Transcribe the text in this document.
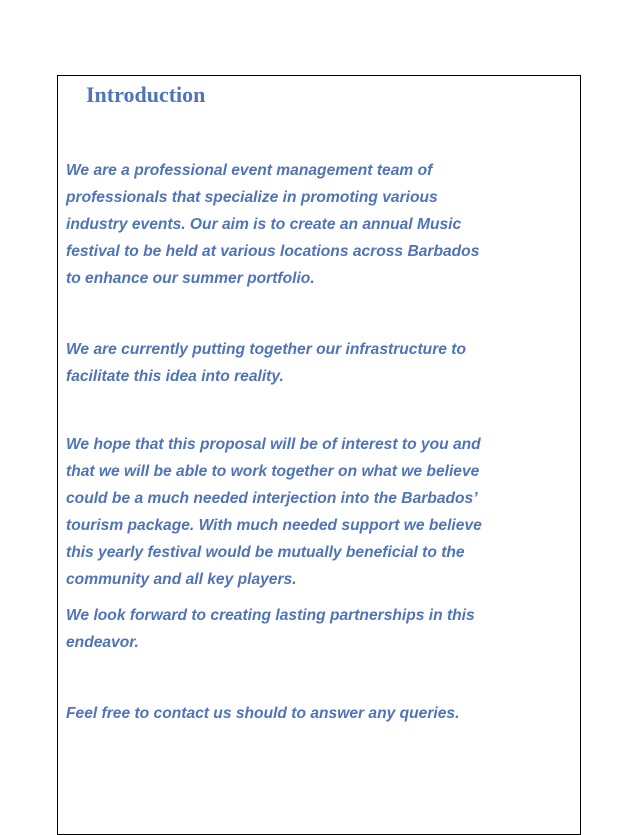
Introduction

We are a professional event management team of
professionals that specialize in promoting various
industry events. Our aim is to create an annual Music
festival to be held at various locations across Barbados
to enhance our summer portfolio.

We are currently putting together our infrastructure to
facilitate this idea into reality.

We hope that this proposal will be of interest to you and
that we will be able to work together on what we believe
could be a much needed interjection into the Barbados’
tourism package. With much needed support we believe
this yearly festival would be mutually beneficial to the
community and all key players.

We look forward to creating lasting partnerships in this
endeavor.

Feel free to contact us should to answer any queries.
